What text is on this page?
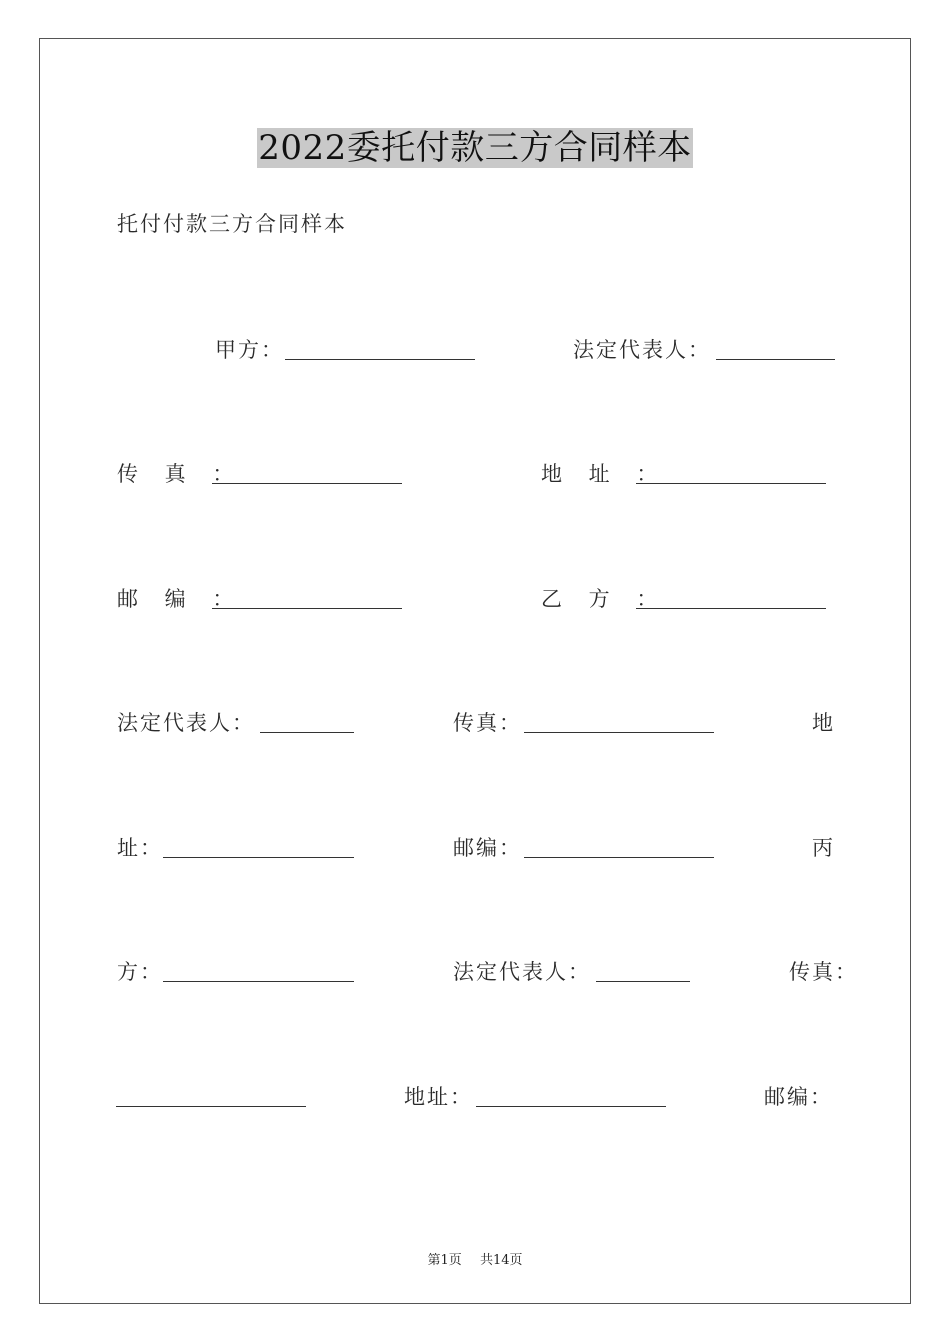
2022委托付款三方合同样本
托付付款三方合同样本
甲方：	法定代表人：
传 真 ：	地 址 ：
邮 编 ：	乙 方 ：
法定代表人：	传真：	地
址：	邮编：	丙
方：	法定代表人：	传真：
地址：	邮编：
第1页 共14页
